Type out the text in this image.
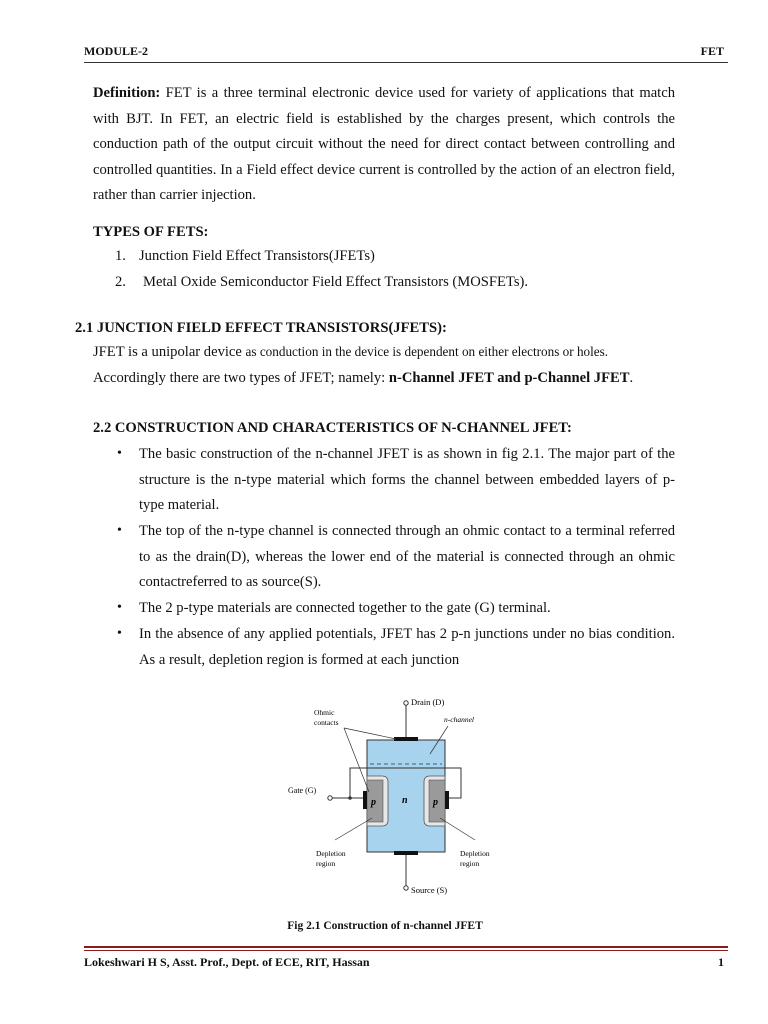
MODULE-2	FET
Definition: FET is a three terminal electronic device used for variety of applications that match with BJT. In FET, an electric field is established by the charges present, which controls the conduction path of the output circuit without the need for direct contact between controlling and controlled quantities. In a Field effect device current is controlled by the action of an electron field, rather than carrier injection.
TYPES OF FETS:
1. Junction Field Effect Transistors(JFETs)
2. Metal Oxide Semiconductor Field Effect Transistors (MOSFETs).
2.1 JUNCTION FIELD EFFECT TRANSISTORS(JFETS):
JFET is a unipolar device as conduction in the device is dependent on either electrons or holes.
Accordingly there are two types of JFET; namely: n-Channel JFET and p-Channel JFET.
2.2 CONSTRUCTION AND CHARACTERISTICS OF N-CHANNEL JFET:
• The basic construction of the n-channel JFET is as shown in fig 2.1. The major part of the structure is the n-type material which forms the channel between embedded layers of p-type material.
• The top of the n-type channel is connected through an ohmic contact to a terminal referred to as the drain(D), whereas the lower end of the material is connected through an ohmic contactreferred to as source(S).
• The 2 p-type materials are connected together to the gate (G) terminal.
• In the absence of any applied potentials, JFET has 2 p-n junctions under no bias condition. As a result, depletion region is formed at each junction
Drain (D)
Ohmic
contacts	n-channel
Gate (G)
p	n	p
Depletion
region
Depletion
region
Source (S)
Fig 2.1 Construction of n-channel JFET
Lokeshwari H S, Asst. Prof., Dept. of ECE, RIT, Hassan	1
